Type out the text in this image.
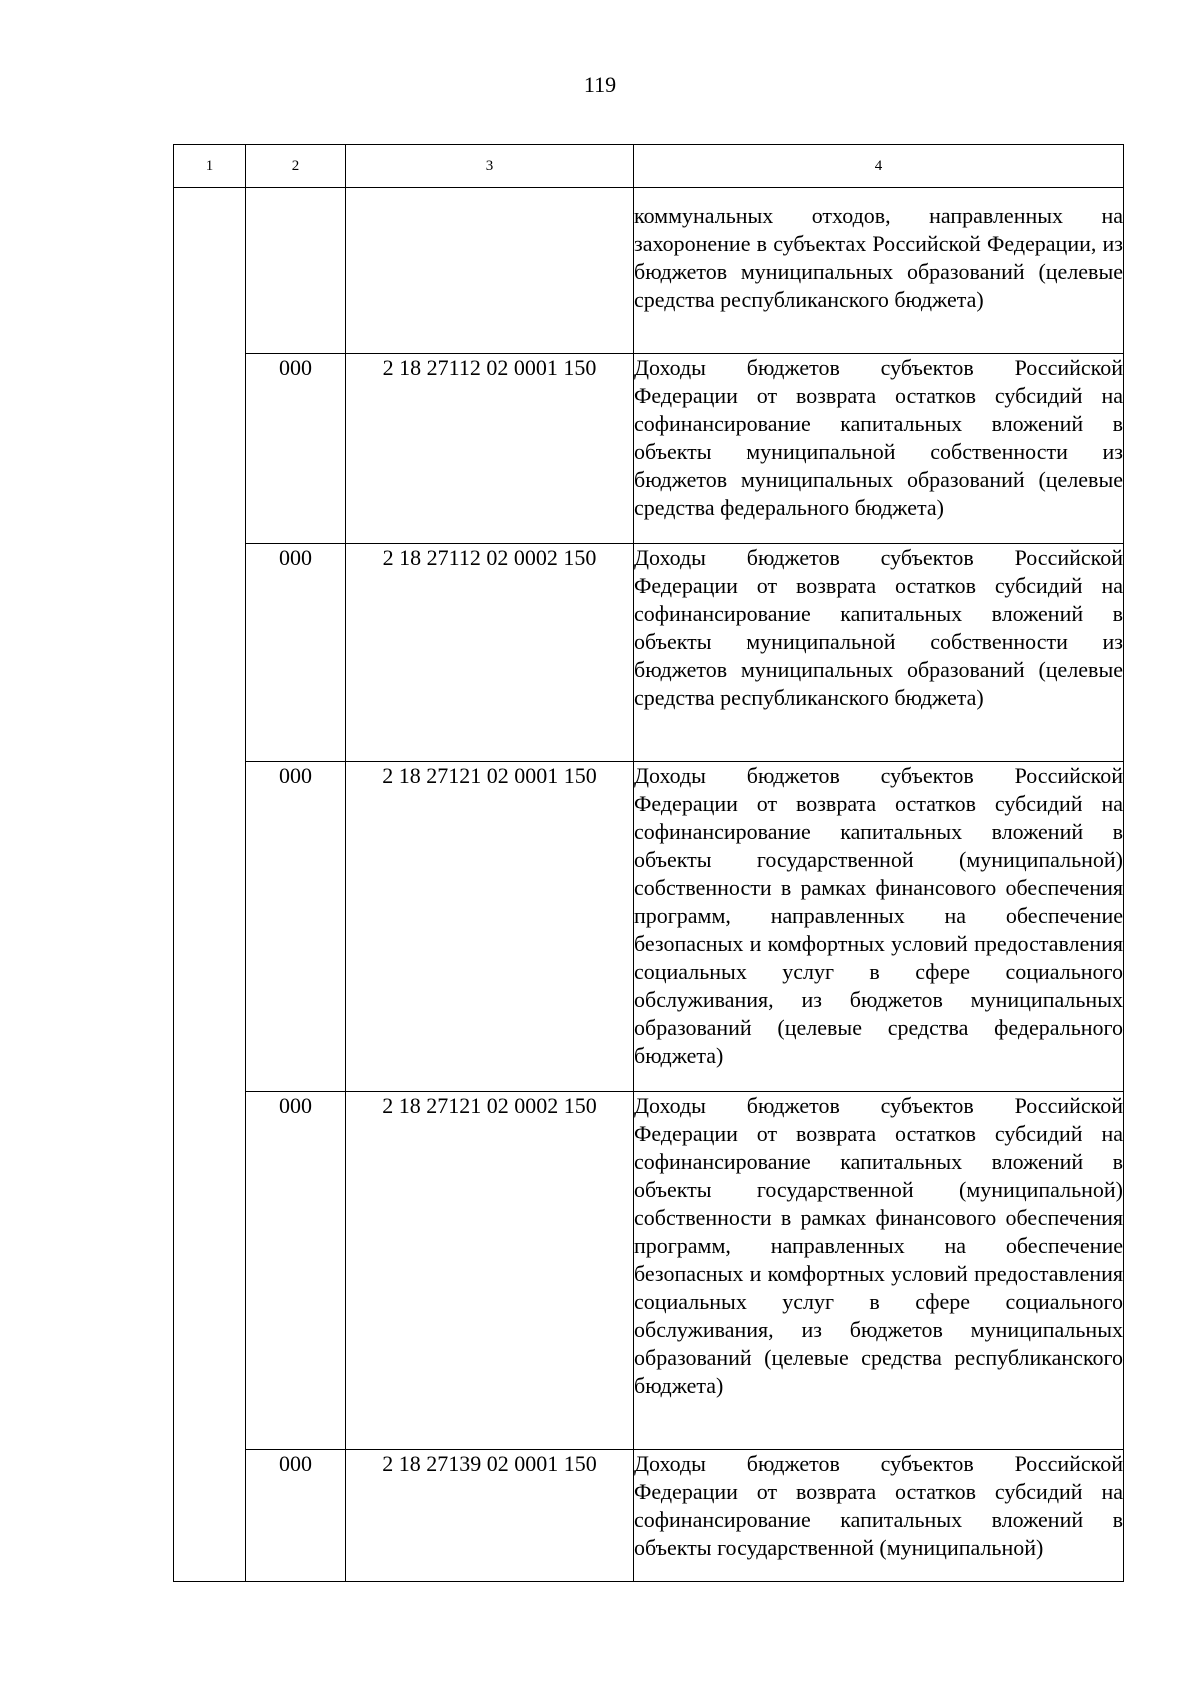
119
1	2	3	4
			коммунальных отходов, направленных на захоронение в субъектах Российской Федерации, из бюджетов муниципальных образований (целевые средства республиканского бюджета)
	000	2 18 27112 02 0001 150	Доходы бюджетов субъектов Российской Федерации от возврата остатков субсидий на софинансирование капитальных вложений в объекты муниципальной собственности из бюджетов муниципальных образований (целевые средства федерального бюджета)
	000	2 18 27112 02 0002 150	Доходы бюджетов субъектов Российской Федерации от возврата остатков субсидий на софинансирование капитальных вложений в объекты муниципальной собственности из бюджетов муниципальных образований (целевые средства республиканского бюджета)
	000	2 18 27121 02 0001 150	Доходы бюджетов субъектов Российской Федерации от возврата остатков субсидий на софинансирование капитальных вложений в объекты государственной (муниципальной) собственности в рамках финансового обеспечения программ, направленных на обеспечение безопасных и комфортных условий предоставления социальных услуг в сфере социального обслуживания, из бюджетов муниципальных образований (целевые средства федерального бюджета)
	000	2 18 27121 02 0002 150	Доходы бюджетов субъектов Российской Федерации от возврата остатков субсидий на софинансирование капитальных вложений в объекты государственной (муниципальной) собственности в рамках финансового обеспечения программ, направленных на обеспечение безопасных и комфортных условий предоставления социальных услуг в сфере социального обслуживания, из бюджетов муниципальных образований (целевые средства республиканского бюджета)
	000	2 18 27139 02 0001 150	Доходы бюджетов субъектов Российской Федерации от возврата остатков субсидий на софинансирование капитальных вложений в объекты государственной (муниципальной)
